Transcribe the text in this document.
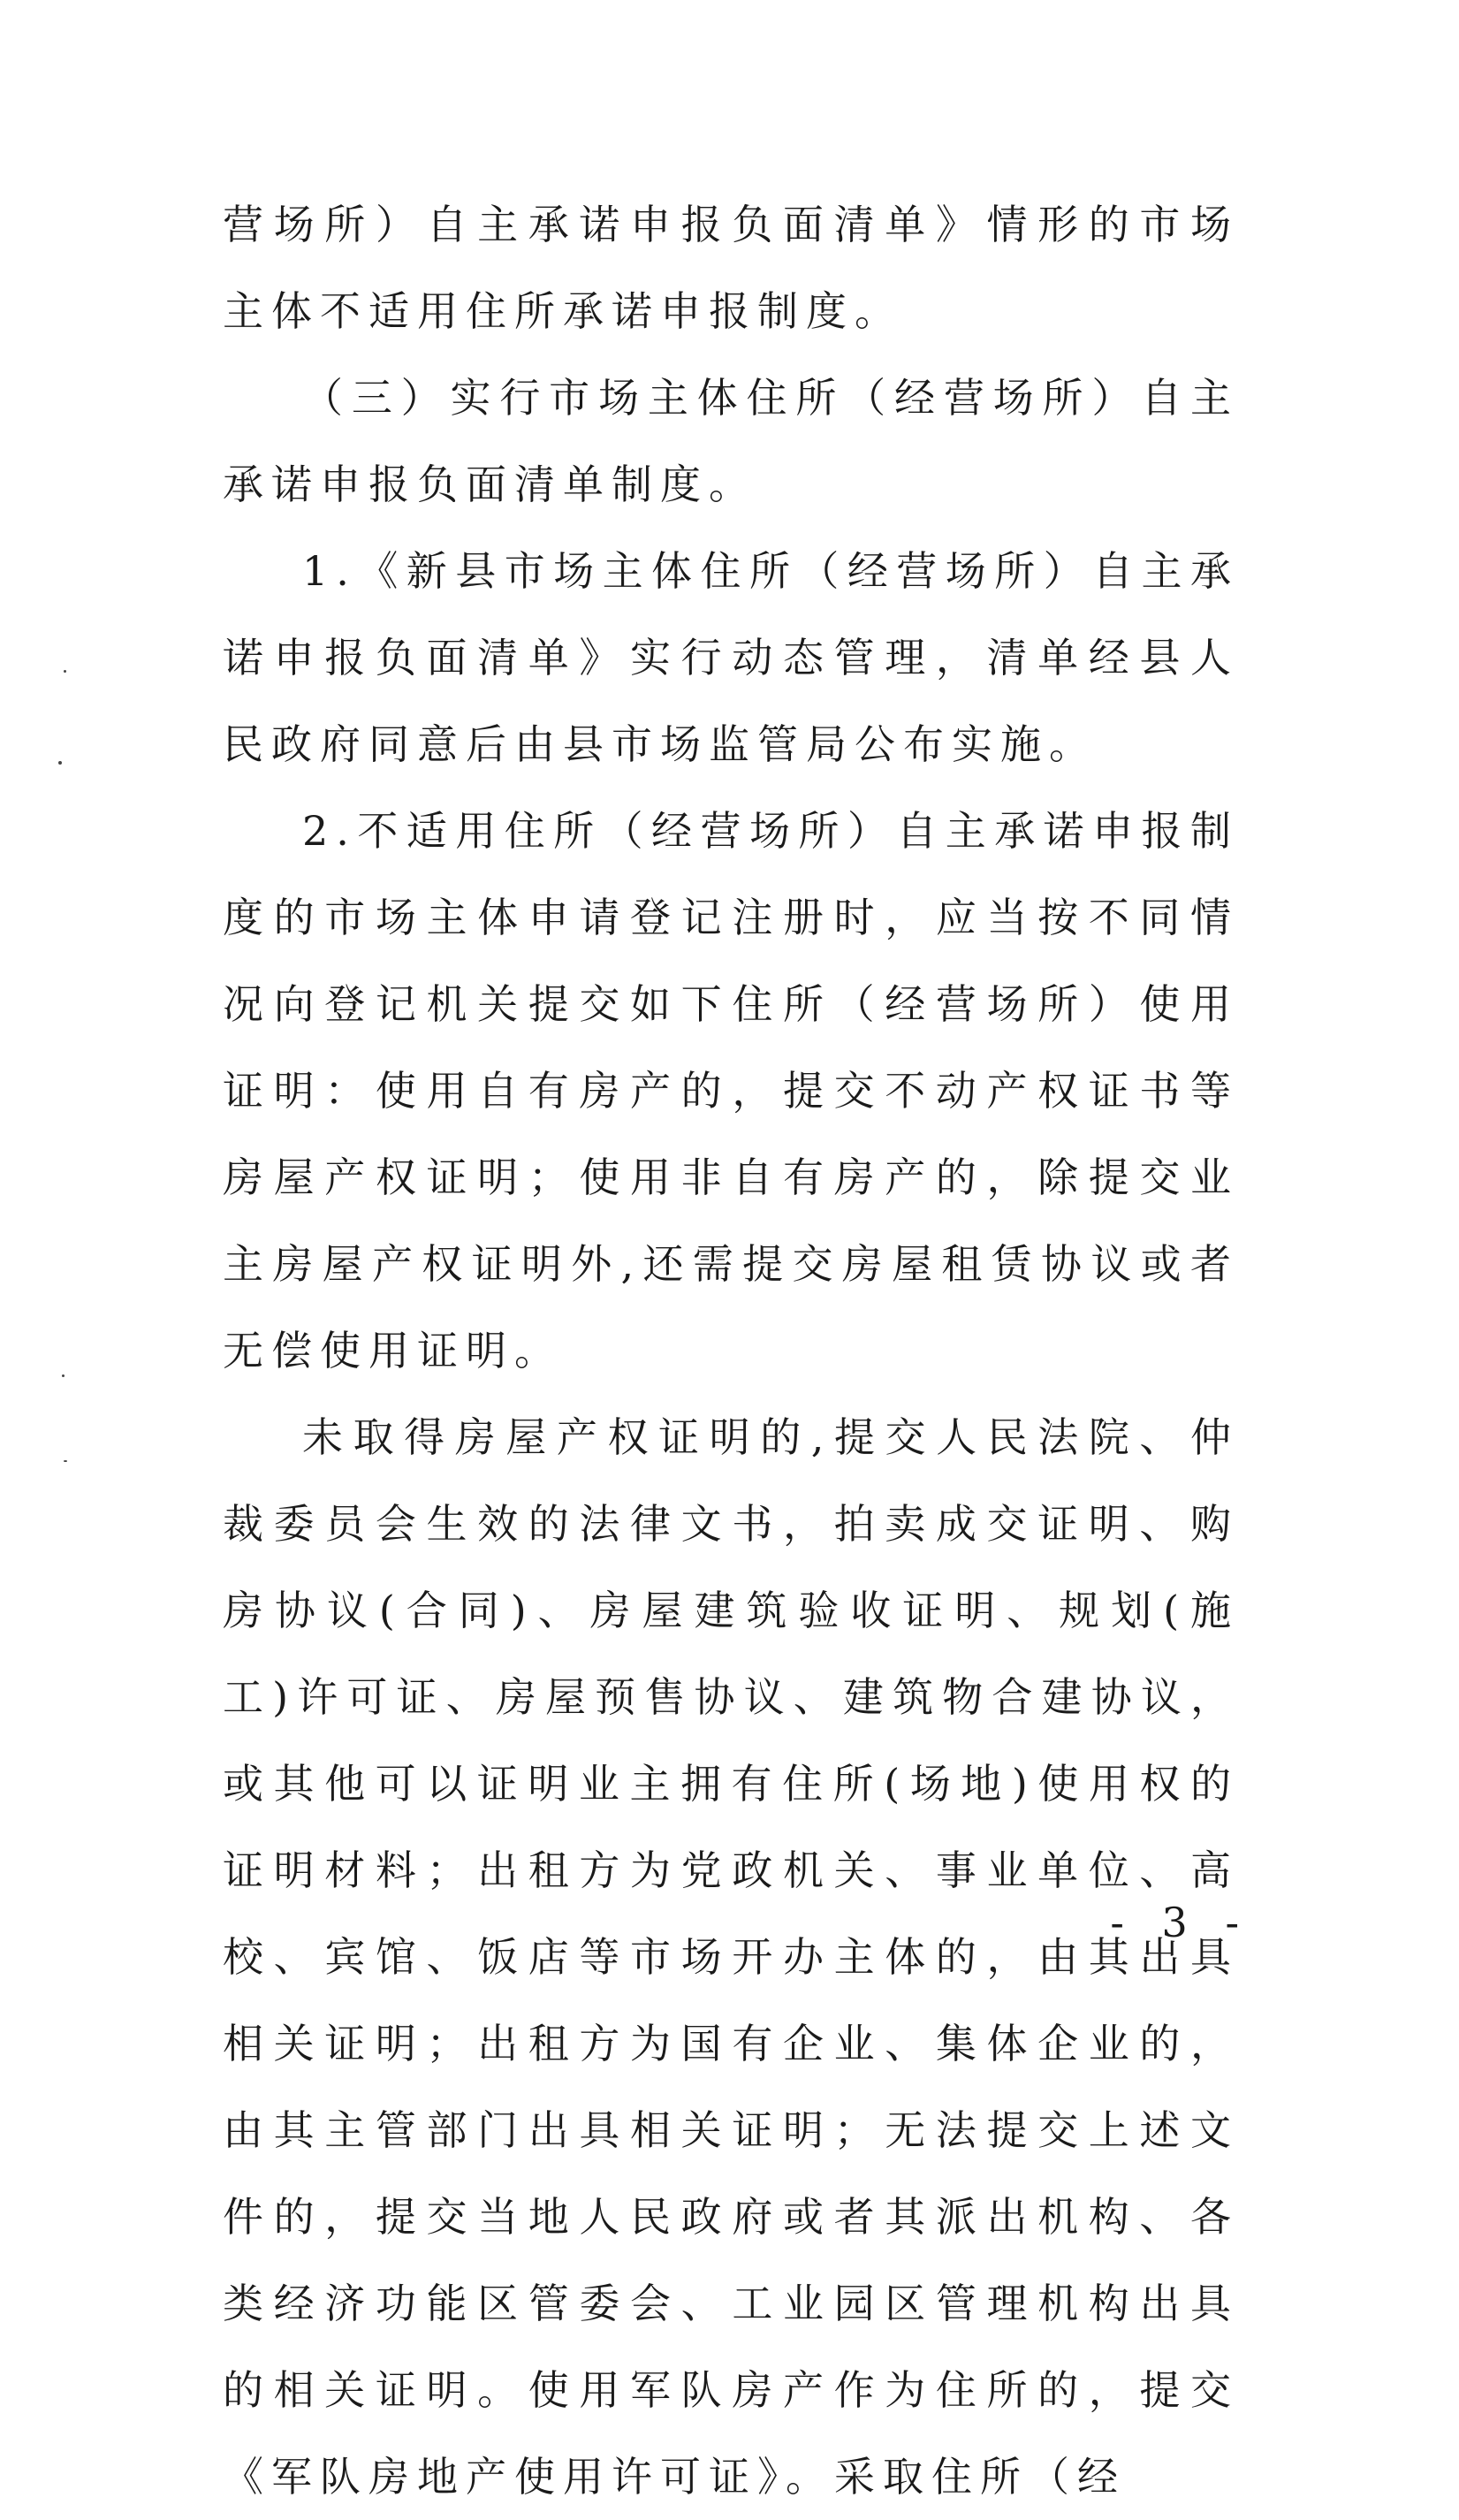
营场所）自主承诺申报负面清单》情形的市场主体不适用住所承诺申报制度。

（三）实行市场主体住所（经营场所）自主承诺申报负面清单制度。

1.《新县市场主体住所（经营场所）自主承诺申报负面清单》实行动态管理，清单经县人民政府同意后由县市场监管局公布实施。

2.不适用住所（经营场所）自主承诺申报制度的市场主体申请登记注册时，应当按不同情况向登记机关提交如下住所（经营场所）使用证明：使用自有房产的，提交不动产权证书等房屋产权证明；使用非自有房产的，除提交业主房屋产权证明外,还需提交房屋租赁协议或者无偿使用证明。

未取得房屋产权证明的,提交人民法院、仲裁委员会生效的法律文书，拍卖成交证明、购房协议(合同)、房屋建筑验收证明、规划(施工)许可证、房屋预售协议、建筑物合建协议，或其他可以证明业主拥有住所(场地)使用权的证明材料；出租方为党政机关、事业单位、高校、宾馆、饭店等市场开办主体的，由其出具相关证明；出租方为国有企业、集体企业的，由其主管部门出具相关证明；无法提交上述文件的，提交当地人民政府或者其派出机构、各类经济功能区管委会、工业园区管理机构出具的相关证明。使用军队房产作为住所的，提交《军队房地产使用许可证》。采取住所（经

- 3 -
